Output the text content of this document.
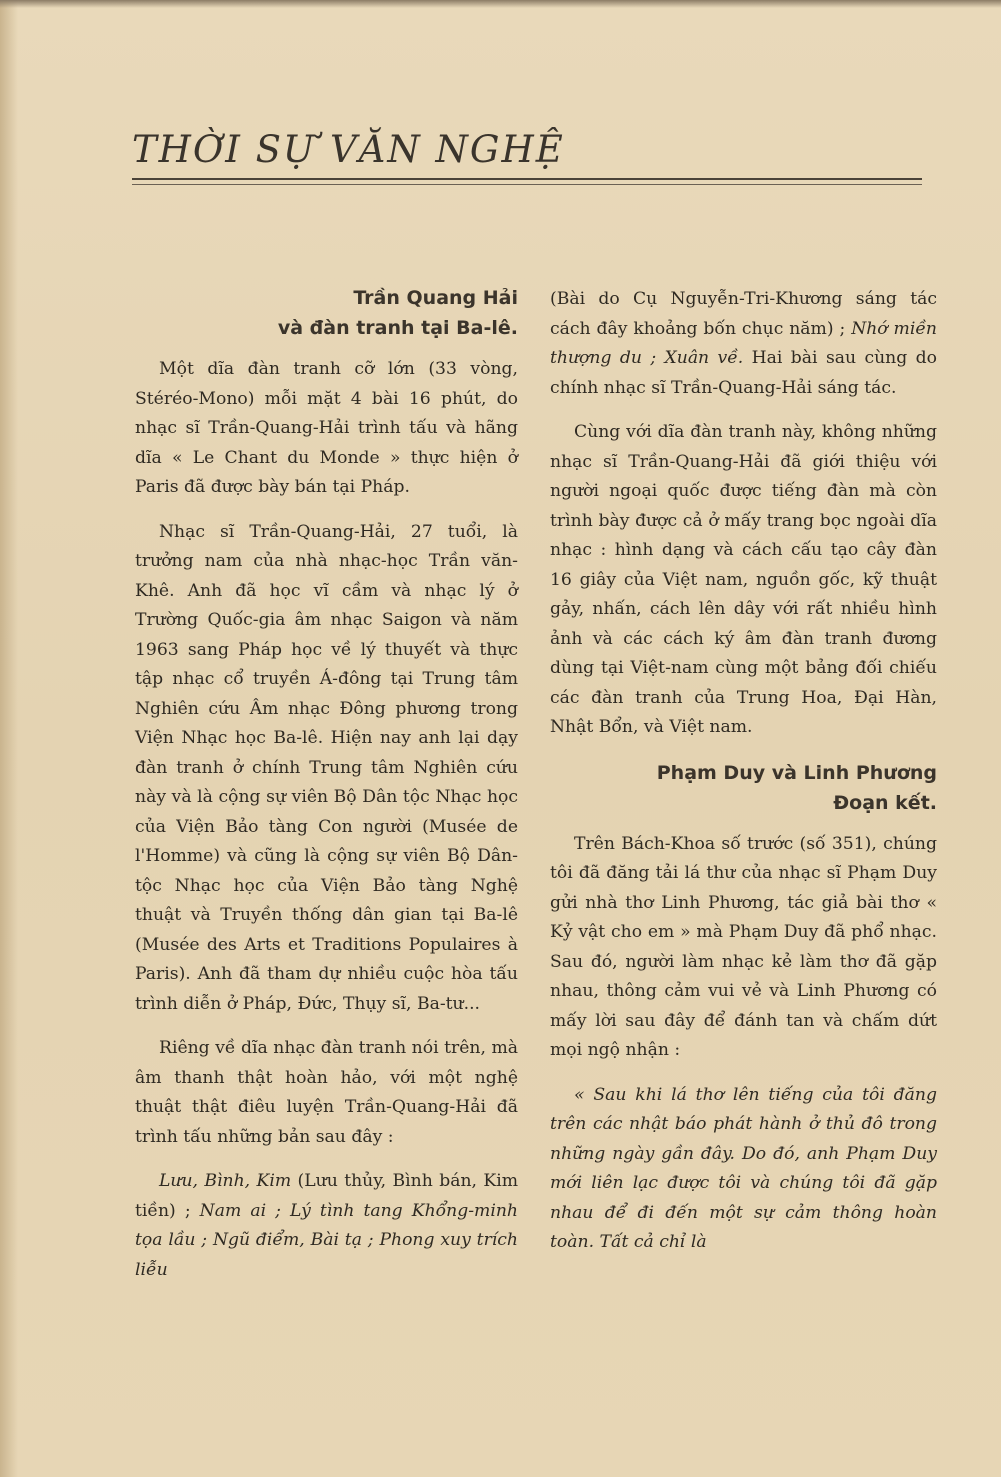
THỜI SỰ VĂN NGHỆ
Trần Quang Hải
và đàn tranh tại Ba-lê.

Một dĩa đàn tranh cỡ lớn (33 vòng, Stéréo-Mono) mỗi mặt 4 bài 16 phút, do nhạc sĩ Trần-Quang-Hải trình tấu và hãng dĩa « Le Chant du Monde » thực hiện ở Paris đã được bày bán tại Pháp.

Nhạc sĩ Trần-Quang-Hải, 27 tuổi, là trưởng nam của nhà nhạc-học Trần văn-Khê. Anh đã học vĩ cầm và nhạc lý ở Trường Quốc-gia âm nhạc Saigon và năm 1963 sang Pháp học về lý thuyết và thực tập nhạc cổ truyền Á-đông tại Trung tâm Nghiên cứu Âm nhạc Đông phương trong Viện Nhạc học Ba-lê. Hiện nay anh lại dạy đàn tranh ở chính Trung tâm Nghiên cứu này và là cộng sự viên Bộ Dân tộc Nhạc học của Viện Bảo tàng Con người (Musée de l'Homme) và cũng là cộng sự viên Bộ Dân-tộc Nhạc học của Viện Bảo tàng Nghệ thuật và Truyền thống dân gian tại Ba-lê (Musée des Arts et Traditions Populaires à Paris). Anh đã tham dự nhiều cuộc hòa tấu trình diễn ở Pháp, Đức, Thụy sĩ, Ba-tư...

Riêng về dĩa nhạc đàn tranh nói trên, mà âm thanh thật hoàn hảo, với một nghệ thuật thật điêu luyện Trần-Quang-Hải đã trình tấu những bản sau đây :

Lưu, Bình, Kim (Lưu thủy, Bình bán, Kim tiền) ; Nam ai ; Lý tình tang Khổng-minh tọa lầu ; Ngũ điểm, Bài tạ ; Phong xuy trích liễu

(Bài do Cụ Nguyễn-Tri-Khương sáng tác cách đây khoảng bốn chục năm) ; Nhớ miền thượng du ; Xuân về. Hai bài sau cùng do chính nhạc sĩ Trần-Quang-Hải sáng tác.

Cùng với dĩa đàn tranh này, không những nhạc sĩ Trần-Quang-Hải đã giới thiệu với người ngoại quốc được tiếng đàn mà còn trình bày được cả ở mấy trang bọc ngoài dĩa nhạc : hình dạng và cách cấu tạo cây đàn 16 giây của Việt nam, nguồn gốc, kỹ thuật gảy, nhấn, cách lên dây với rất nhiều hình ảnh và các cách ký âm đàn tranh đương dùng tại Việt-nam cùng một bảng đối chiếu các đàn tranh của Trung Hoa, Đại Hàn, Nhật Bổn, và Việt nam.

Phạm Duy và Linh Phương
Đoạn kết.

Trên Bách-Khoa số trước (số 351), chúng tôi đã đăng tải lá thư của nhạc sĩ Phạm Duy gửi nhà thơ Linh Phương, tác giả bài thơ « Kỷ vật cho em » mà Phạm Duy đã phổ nhạc. Sau đó, người làm nhạc kẻ làm thơ đã gặp nhau, thông cảm vui vẻ và Linh Phương có mấy lời sau đây để đánh tan và chấm dứt mọi ngộ nhận :

« Sau khi lá thơ lên tiếng của tôi đăng trên các nhật báo phát hành ở thủ đô trong những ngày gần đây. Do đó, anh Phạm Duy mới liên lạc được tôi và chúng tôi đã gặp nhau để đi đến một sự cảm thông hoàn toàn. Tất cả chỉ là
